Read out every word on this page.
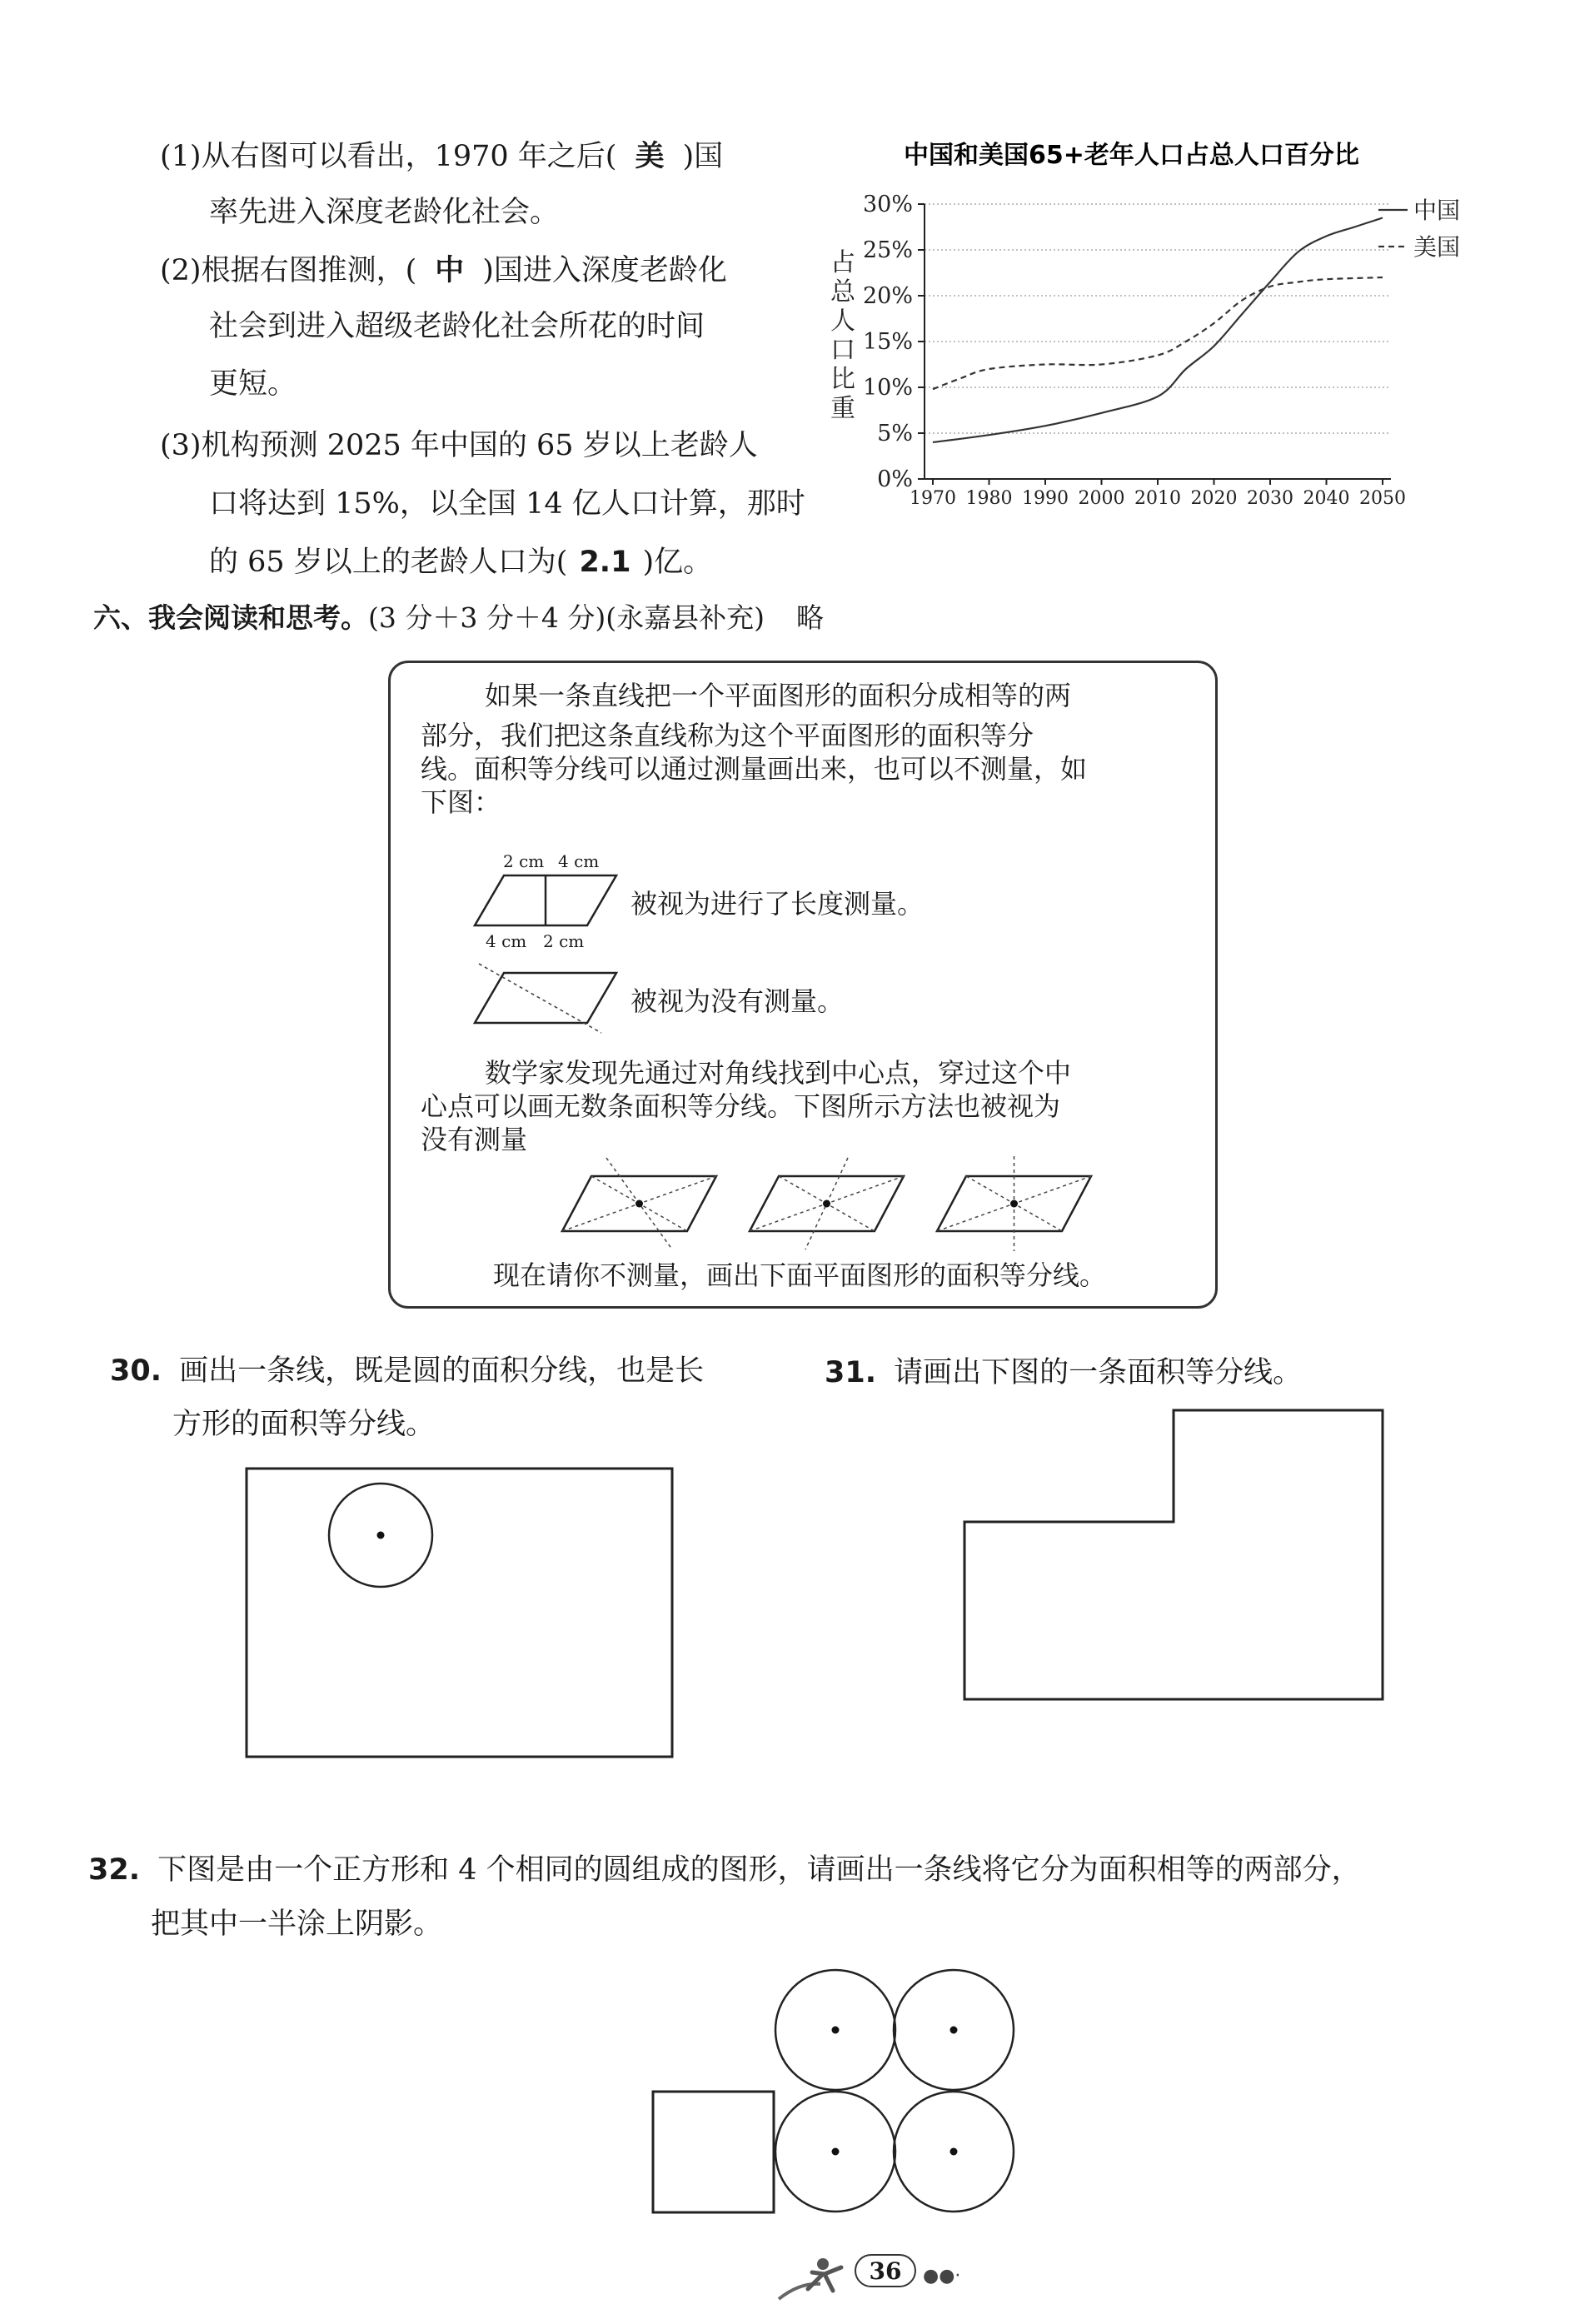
(1)从右图可以看出，1970 年之后( 美 )国
率先进入深度老龄化社会。
(2)根据右图推测，( 中 )国进入深度老龄化
社会到进入超级老龄化社会所花的时间
更短。
(3)机构预测 2025 年中国的 65 岁以上老龄人
口将达到 15%，以全国 14 亿人口计算，那时
的 65 岁以上的老龄人口为( 2.1 )亿。
中国和美国65+老年人口占总人口百分比
占
总
人
口
比
重
0%
5%
10%
15%
20%
25%
30%
1970 1980 1990 2000 2010 2020 2030 2040 2050
中国
美国
六、我会阅读和思考。(3 分＋3 分＋4 分)(永嘉县补充) 略
如果一条直线把一个平面图形的面积分成相等的两
部分，我们把这条直线称为这个平面图形的面积等分
线。面积等分线可以通过测量画出来，也可以不测量，如
下图：
2 cm 4 cm
4 cm 2 cm
被视为进行了长度测量。
被视为没有测量。
数学家发现先通过对角线找到中心点，穿过这个中
心点可以画无数条面积等分线。下图所示方法也被视为
没有测量
现在请你不测量，画出下面平面图形的面积等分线。
30. 画出一条线，既是圆的面积分线，也是长
方形的面积等分线。
31. 请画出下图的一条面积等分线。
32. 下图是由一个正方形和 4 个相同的圆组成的图形，请画出一条线将它分为面积相等的两部分，
把其中一半涂上阴影。
36 ●●·
